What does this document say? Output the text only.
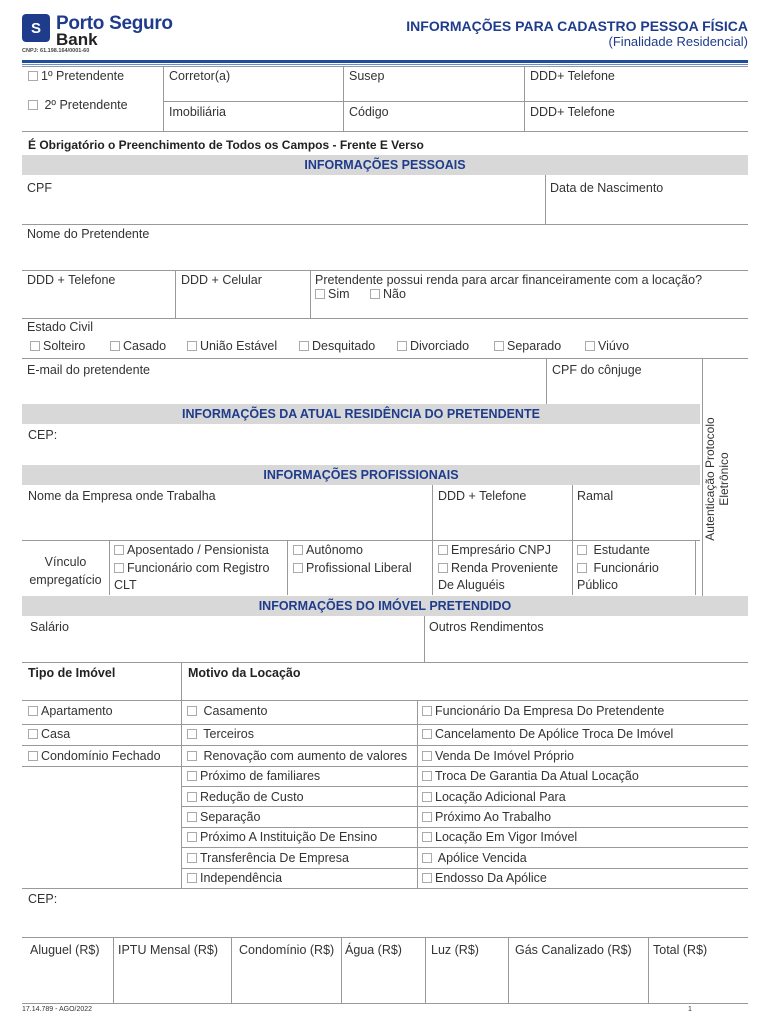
S Porto Seguro
Bank
CNPJ: 61.198.164/0001-60
INFORMAÇÕES PARA CADASTRO PESSOA FÍSICA
(Finalidade Residencial)
1º Pretendente
2º Pretendente
Corretor(a)	Susep	DDD+ Telefone
Imobiliária	Código	DDD+ Telefone
É Obrigatório o Preenchimento de Todos os Campos - Frente E Verso
INFORMAÇÕES PESSOAIS
CPF	Data de Nascimento
Nome do Pretendente
DDD + Telefone	DDD + Celular	Pretendente possui renda para arcar financeiramente com a locação?
Sim	Não
Estado Civil
Solteiro	Casado	União Estável	Desquitado	Divorciado	Separado	Viúvo
E-mail do pretendente	CPF do cônjuge
Autenticação Protocolo
Eletrônico
INFORMAÇÕES DA ATUAL RESIDÊNCIA DO PRETENDENTE
CEP:
INFORMAÇÕES PROFISSIONAIS
Nome da Empresa onde Trabalha	DDD + Telefone	Ramal
Vínculo
empregatício
Aposentado / Pensionista
Funcionário com Registro
CLT
Autônomo
Profissional Liberal
Empresário CNPJ
Renda Proveniente
De Aluguéis
Estudante
Funcionário
Público
INFORMAÇÕES DO IMÓVEL PRETENDIDO
Salário	Outros Rendimentos
Tipo de Imóvel	Motivo da Locação
Apartamento
Casa
Condomínio Fechado
Casamento
Terceiros
Renovação com aumento de valores
Próximo de familiares
Redução de Custo
Separação
Próximo A Instituição De Ensino
Transferência De Empresa
Independência
Funcionário Da Empresa Do Pretendente
Cancelamento De Apólice Troca De Imóvel
Venda De Imóvel Próprio
Troca De Garantia Da Atual Locação
Locação Adicional Para
Próximo Ao Trabalho
Locação Em Vigor Imóvel
Apólice Vencida
Endosso Da Apólice
CEP:
Aluguel (R$) IPTU Mensal (R$) Condomínio (R$) Água (R$) Luz (R$)	Gás Canalizado (R$) Total (R$)
17.14.789 - AGO/2022	1
